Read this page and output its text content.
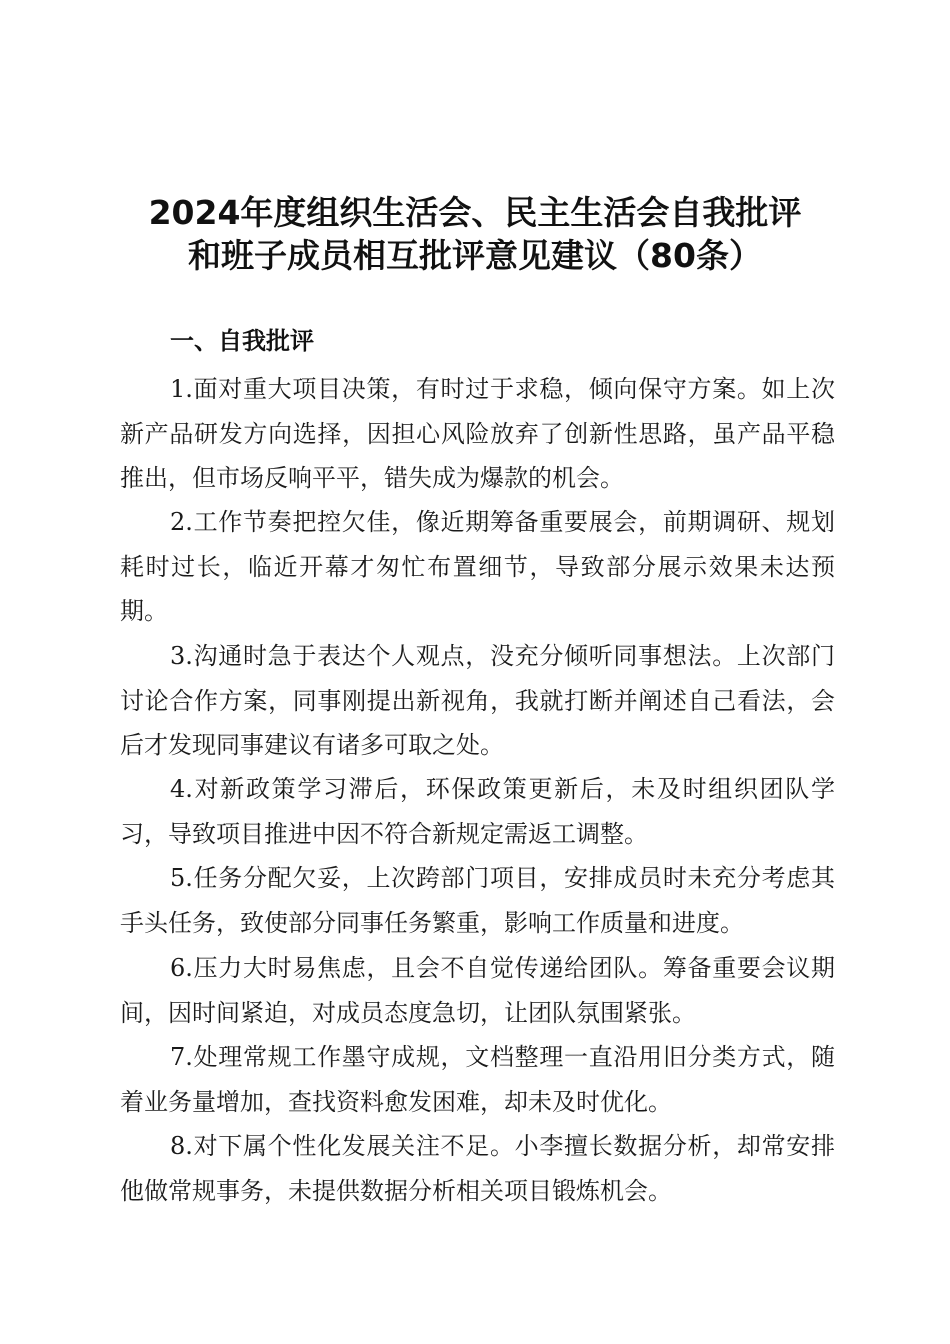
2024年度组织生活会、民主生活会自我批评
和班子成员相互批评意见建议（80条）
一、自我批评

1.面对重大项目决策，有时过于求稳，倾向保守方案。如上次新产品研发方向选择，因担心风险放弃了创新性思路，虽产品平稳推出，但市场反响平平，错失成为爆款的机会。

2.工作节奏把控欠佳，像近期筹备重要展会，前期调研、规划耗时过长，临近开幕才匆忙布置细节，导致部分展示效果未达预期。

3.沟通时急于表达个人观点，没充分倾听同事想法。上次部门讨论合作方案，同事刚提出新视角，我就打断并阐述自己看法，会后才发现同事建议有诸多可取之处。

4.对新政策学习滞后，环保政策更新后，未及时组织团队学习，导致项目推进中因不符合新规定需返工调整。

5.任务分配欠妥，上次跨部门项目，安排成员时未充分考虑其手头任务，致使部分同事任务繁重，影响工作质量和进度。

6.压力大时易焦虑，且会不自觉传递给团队。筹备重要会议期间，因时间紧迫，对成员态度急切，让团队氛围紧张。

7.处理常规工作墨守成规，文档整理一直沿用旧分类方式，随着业务量增加，查找资料愈发困难，却未及时优化。

8.对下属个性化发展关注不足。小李擅长数据分析，却常安排他做常规事务，未提供数据分析相关项目锻炼机会。
